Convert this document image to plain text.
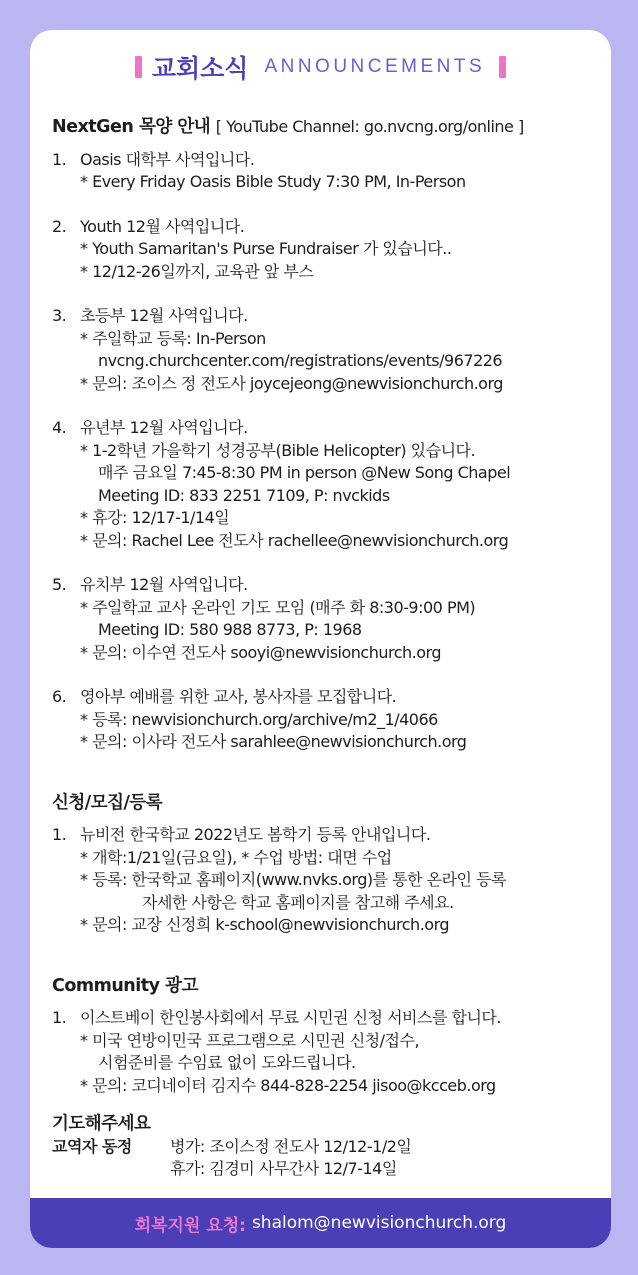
교회소식 ANNOUNCEMENTS
NextGen 목양 안내 [ YouTube Channel: go.nvcng.org/online ]
1. Oasis 대학부 사역입니다.
* Every Friday Oasis Bible Study 7:30 PM, In-Person
2. Youth 12월 사역입니다.
* Youth Samaritan's Purse Fundraiser 가 있습니다..
* 12/12-26일까지, 교육관 앞 부스
3. 초등부 12월 사역입니다.
* 주일학교 등록: In-Person
nvcng.churchcenter.com/registrations/events/967226
* 문의: 조이스 정 전도사 joycejeong@newvisionchurch.org
4. 유년부 12월 사역입니다.
* 1-2학년 가을학기 성경공부(Bible Helicopter) 있습니다.
매주 금요일 7:45-8:30 PM in person @New Song Chapel
Meeting ID: 833 2251 7109, P: nvckids
* 휴강: 12/17-1/14일
* 문의: Rachel Lee 전도사 rachellee@newvisionchurch.org
5. 유치부 12월 사역입니다.
* 주일학교 교사 온라인 기도 모임 (매주 화 8:30-9:00 PM)
Meeting ID: 580 988 8773, P: 1968
* 문의: 이수연 전도사 sooyi@newvisionchurch.org
6. 영아부 예배를 위한 교사, 봉사자를 모집합니다.
* 등록: newvisionchurch.org/archive/m2_1/4066
* 문의: 이사라 전도사 sarahlee@newvisionchurch.org
신청/모집/등록
1. 뉴비전 한국학교 2022년도 봄학기 등록 안내입니다.
* 개학:1/21일(금요일), * 수업 방법: 대면 수업
* 등록: 한국학교 홈페이지(www.nvks.org)를 통한 온라인 등록
자세한 사항은 학교 홈페이지를 참고해 주세요.
* 문의: 교장 신정희 k-school@newvisionchurch.org
Community 광고
1. 이스트베이 한인봉사회에서 무료 시민권 신청 서비스를 합니다.
* 미국 연방이민국 프로그램으로 시민권 신청/접수,
시험준비를 수임료 없이 도와드립니다.
* 문의: 코디네이터 김지수 844-828-2254 jisoo@kcceb.org
기도해주세요
교역자 동정 병가: 조이스정 전도사 12/12-1/2일
휴가: 김경미 사무간사 12/7-14일
회복지원 요청: shalom@newvisionchurch.org
